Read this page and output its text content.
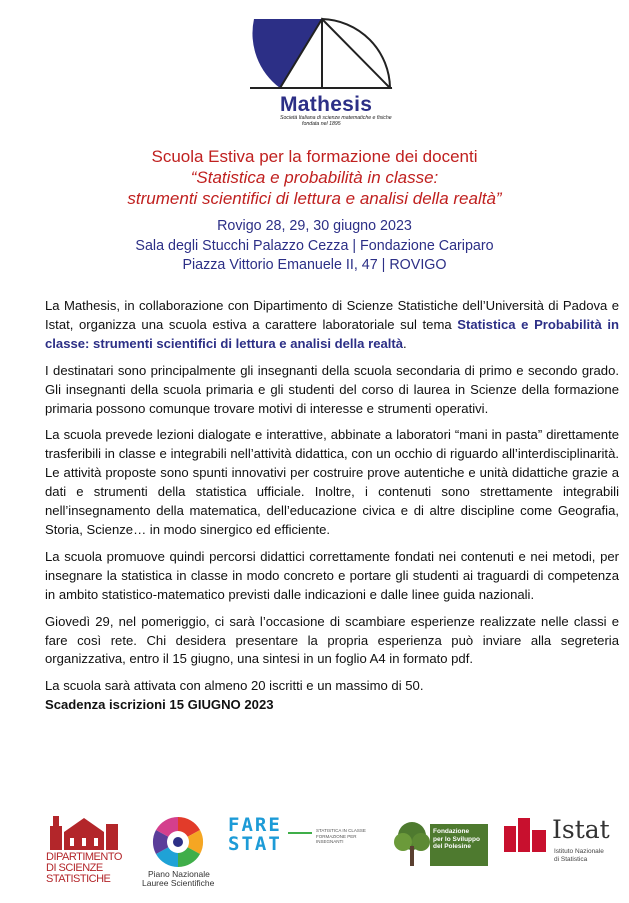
Mathesis
Società Italiana di scienze matematiche e fisiche
fondata nel 1895
Scuola Estiva per la formazione dei docenti
“Statistica e probabilità in classe:
strumenti scientifici di lettura e analisi della realtà”
Rovigo 28, 29, 30 giugno 2023
Sala degli Stucchi Palazzo Cezza | Fondazione Cariparo
Piazza Vittorio Emanuele II, 47 | ROVIGO

La Mathesis, in collaborazione con Dipartimento di Scienze Statistiche dell’Università di Padova e Istat, organizza una scuola estiva a carattere laboratoriale sul tema Statistica e Probabilità in classe: strumenti scientifici di lettura e analisi della realtà.

I destinatari sono principalmente gli insegnanti della scuola secondaria di primo e secondo grado. Gli insegnanti della scuola primaria e gli studenti del corso di laurea in Scienze della formazione primaria possono comunque trovare motivi di interesse e strumenti operativi.

La scuola prevede lezioni dialogate e interattive, abbinate a laboratori “mani in pasta” direttamente trasferibili in classe e integrabili nell’attività didattica, con un occhio di riguardo all’interdisciplinarità. Le attività proposte sono spunti innovativi per costruire prove autentiche e unità didattiche grazie a dati e strumenti della statistica ufficiale. Inoltre, i contenuti sono strettamente integrabili nell’insegnamento della matematica, dell’educazione civica e di altre discipline come Geografia, Storia, Scienze… in modo sinergico ed efficiente.

La scuola promuove quindi percorsi didattici correttamente fondati nei contenuti e nei metodi, per insegnare la statistica in classe in modo concreto e portare gli studenti ai traguardi di competenza in ambito statistico-matematico previsti dalle indicazioni e dalle linee guida nazionali.

Giovedì 29, nel pomeriggio, ci sarà l’occasione di scambiare esperienze realizzate nelle classi e fare così rete. Chi desidera presentare la propria esperienza può inviare alla segreteria organizzativa, entro il 15 giugno, una sintesi in un foglio A4 in formato pdf.

La scuola sarà attivata con almeno 20 iscritti e un massimo di 50.

Scadenza iscrizioni 15 GIUGNO 2023

DIPARTIMENTO
DI SCIENZE
STATISTICHE	Piano Nazionale
Lauree Scientifiche
FARE
STAT
STATISTICA IN CLASSE
FORMAZIONE PER INSEGNANTI
Fondazione
per lo Sviluppo
del Polesine
Istat
Istituto Nazionale
di Statistica
